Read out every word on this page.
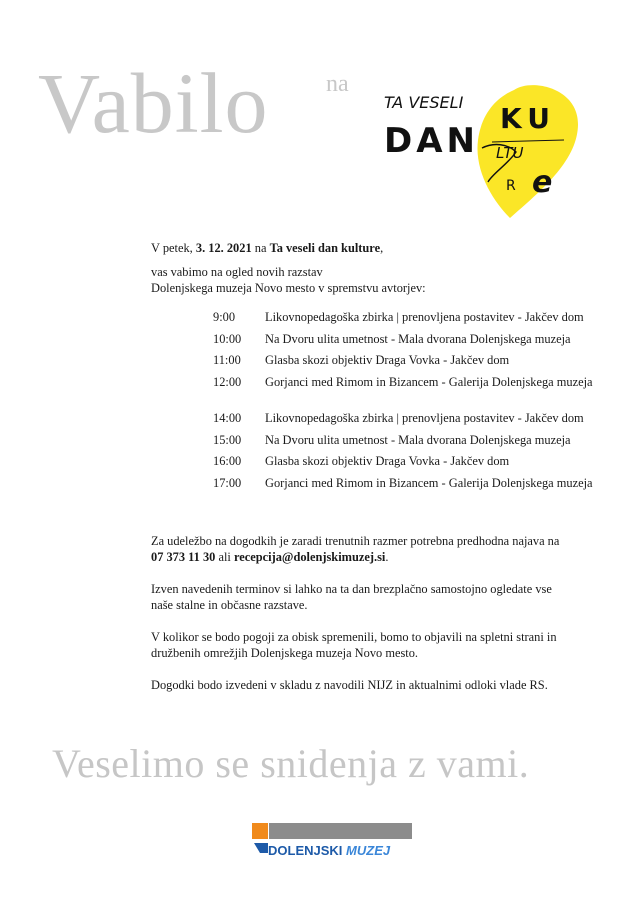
Vabilo na
TA VESELI
DAN
KU
LTU
R e
V petek, 3. 12. 2021 na Ta veseli dan kulture,
vas vabimo na ogled novih razstav
Dolenjskega muzeja Novo mesto v spremstvu avtorjev:
9:00	Likovnopedagoška zbirka | prenovljena postavitev - Jakčev dom
10:00	Na Dvoru ulita umetnost - Mala dvorana Dolenjskega muzeja
11:00	Glasba skozi objektiv Draga Vovka - Jakčev dom
12:00	Gorjanci med Rimom in Bizancem - Galerija Dolenjskega muzeja
14:00	Likovnopedagoška zbirka | prenovljena postavitev - Jakčev dom
15:00	Na Dvoru ulita umetnost - Mala dvorana Dolenjskega muzeja
16:00	Glasba skozi objektiv Draga Vovka - Jakčev dom
17:00	Gorjanci med Rimom in Bizancem - Galerija Dolenjskega muzeja

Za udeležbo na dogodkih je zaradi trenutnih razmer potrebna predhodna najava na
07 373 11 30 ali recepcija@dolenjskimuzej.si.

Izven navedenih terminov si lahko na ta dan brezplačno samostojno ogledate vse naše stalne in občasne razstave.

V kolikor se bodo pogoji za obisk spremenili, bomo to objavili na spletni strani in družbenih omrežjih Dolenjskega muzeja Novo mesto.

Dogodki bodo izvedeni v skladu z navodili NIJZ in aktualnimi odloki vlade RS.

Veselimo se snidenja z vami.
DOLENJSKI MUZEJ
